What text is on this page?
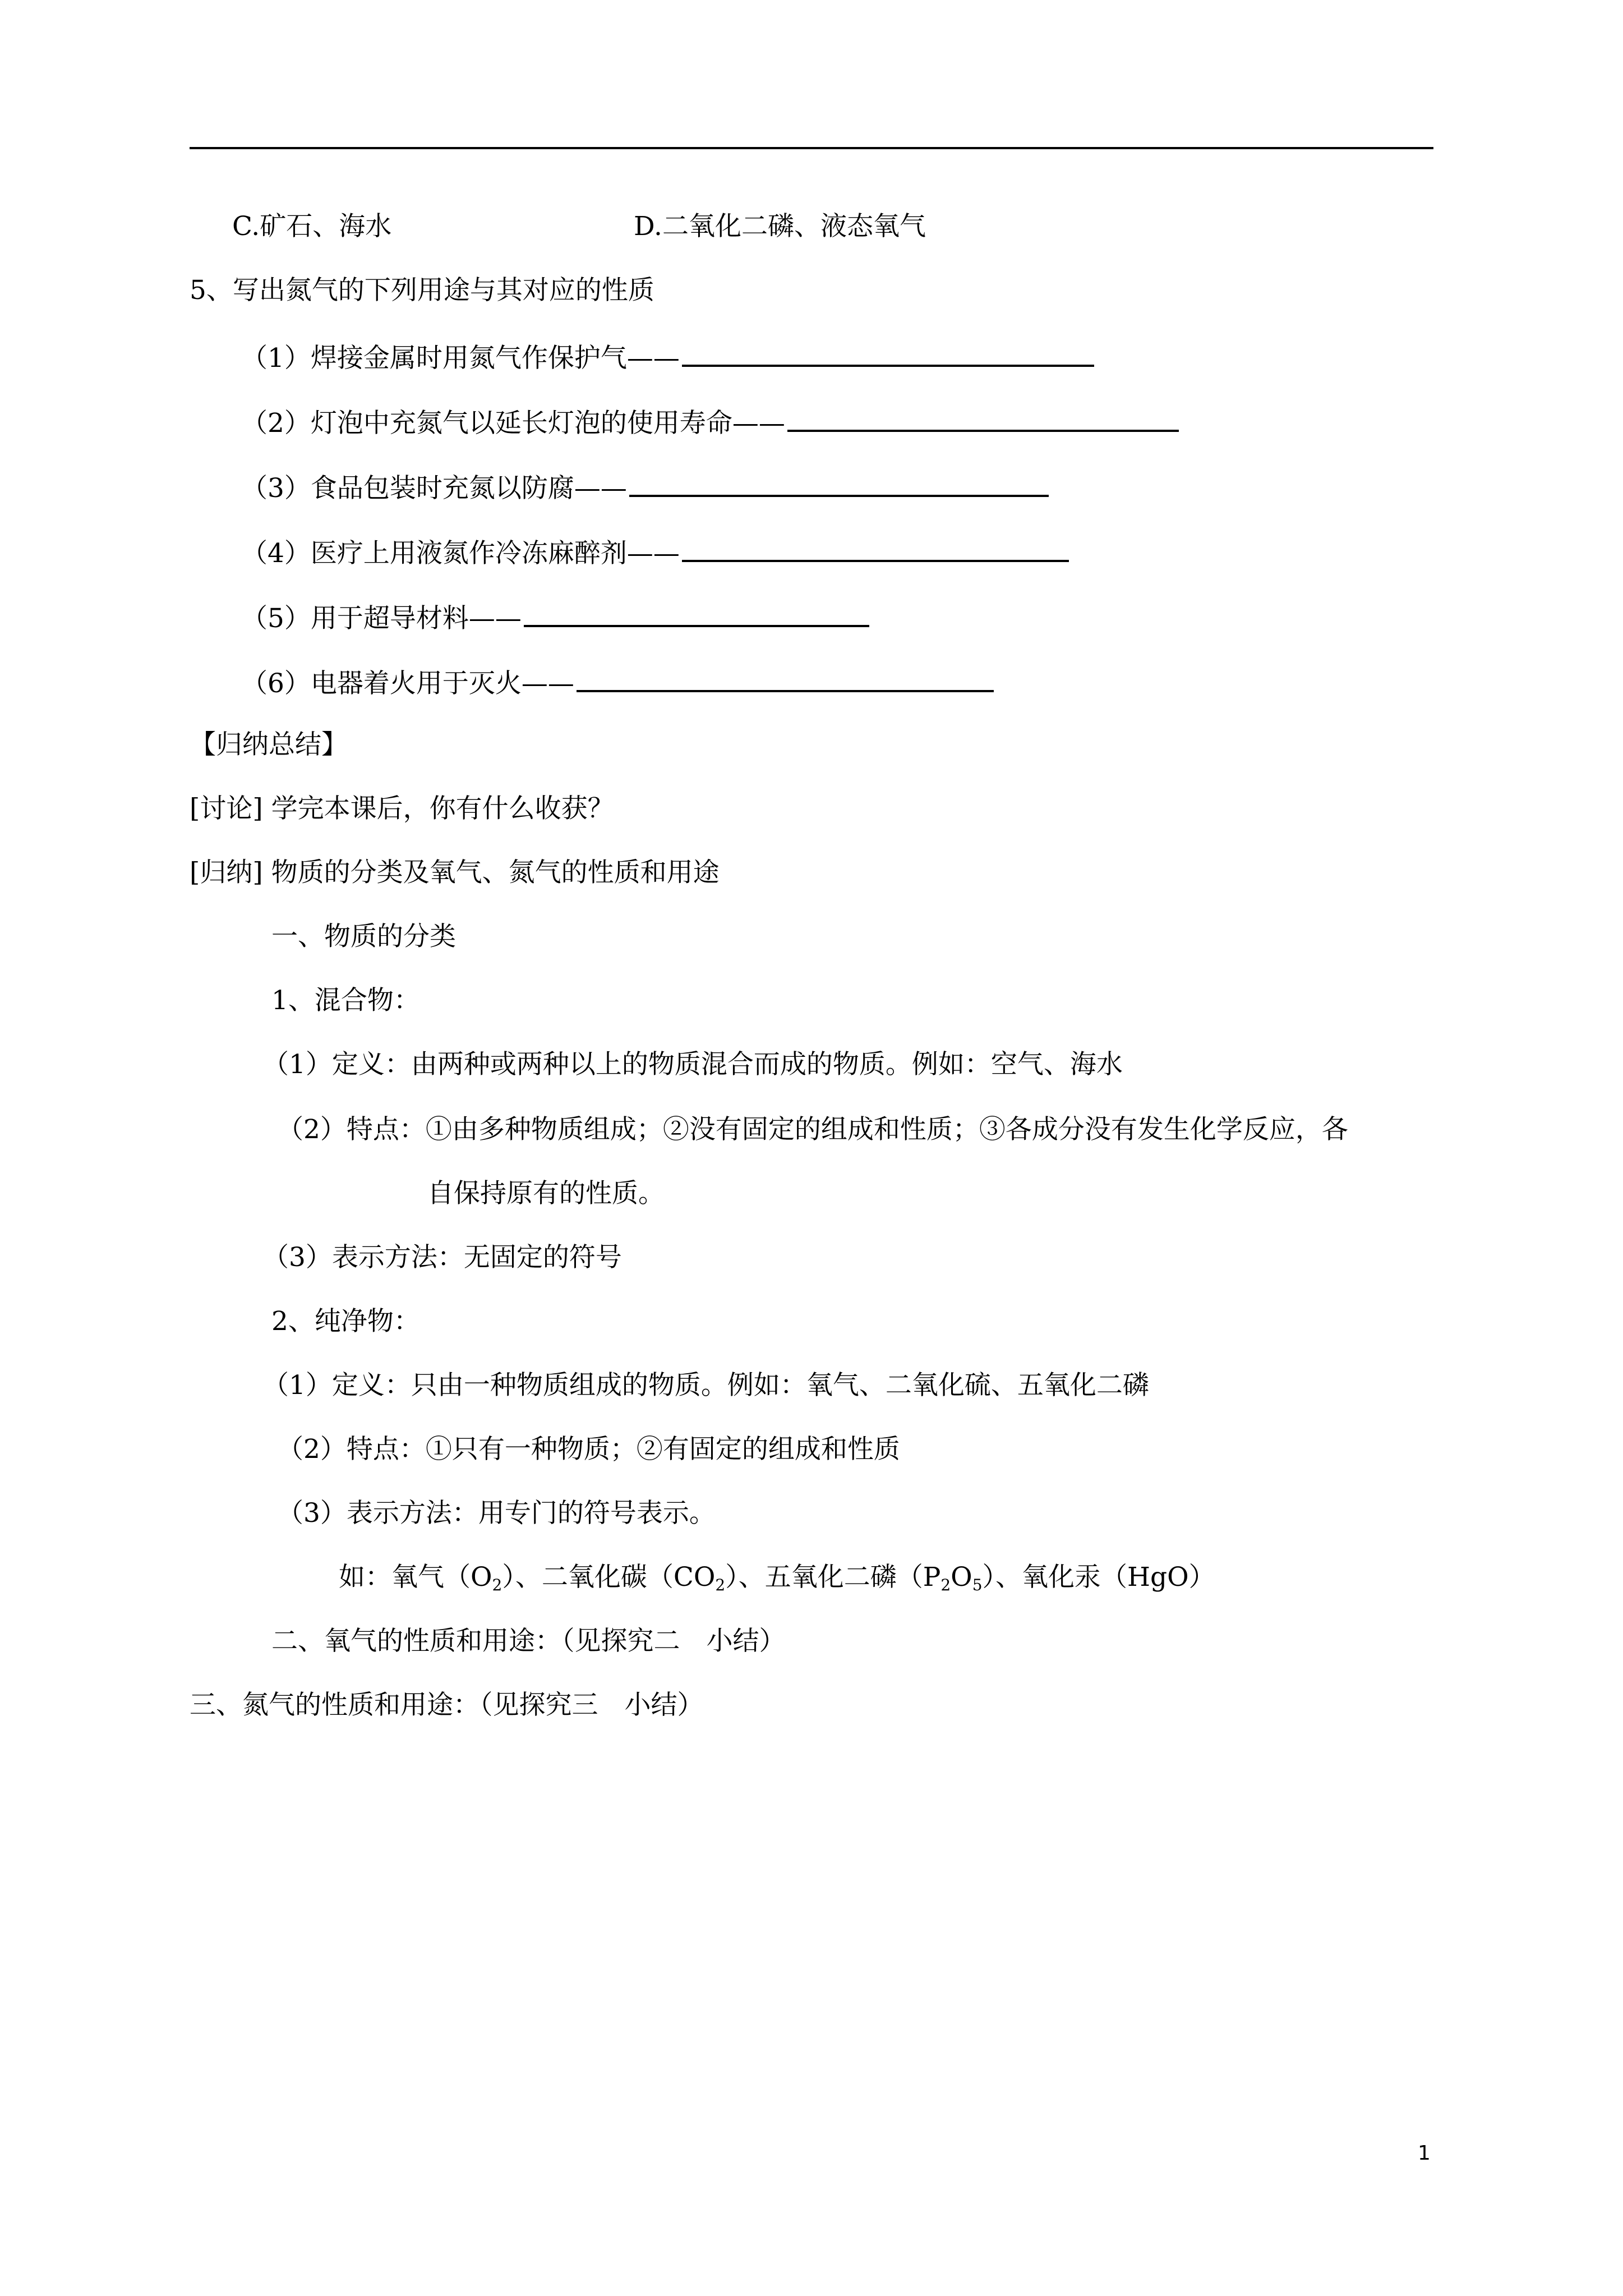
C.矿石、海水	D.二氧化二磷、液态氧气
5、写出氮气的下列用途与其对应的性质
（1）焊接金属时用氮气作保护气——
（2）灯泡中充氮气以延长灯泡的使用寿命——
（3）食品包装时充氮以防腐——
（4）医疗上用液氮作冷冻麻醉剂——
（5）用于超导材料——
（6）电器着火用于灭火——
【归纳总结】
[讨论] 学完本课后，你有什么收获？
[归纳] 物质的分类及氧气、氮气的性质和用途
一、物质的分类
1、混合物：
（1）定义：由两种或两种以上的物质混合而成的物质。例如：空气、海水
（2）特点：①由多种物质组成；②没有固定的组成和性质；③各成分没有发生化学反应，各
自保持原有的性质。
（3）表示方法：无固定的符号
2、纯净物：
（1）定义：只由一种物质组成的物质。例如：氧气、二氧化硫、五氧化二磷
（2）特点：①只有一种物质；②有固定的组成和性质
（3）表示方法：用专门的符号表示。
如：氧气$(O_2)$、二氧化碳$(CO_2)$、五氧化二磷$(P_2O_5)$、氧化汞（HgO）
二、氧气的性质和用途：（见探究二　小结）
三、氮气的性质和用途：（见探究三　小结）
1
